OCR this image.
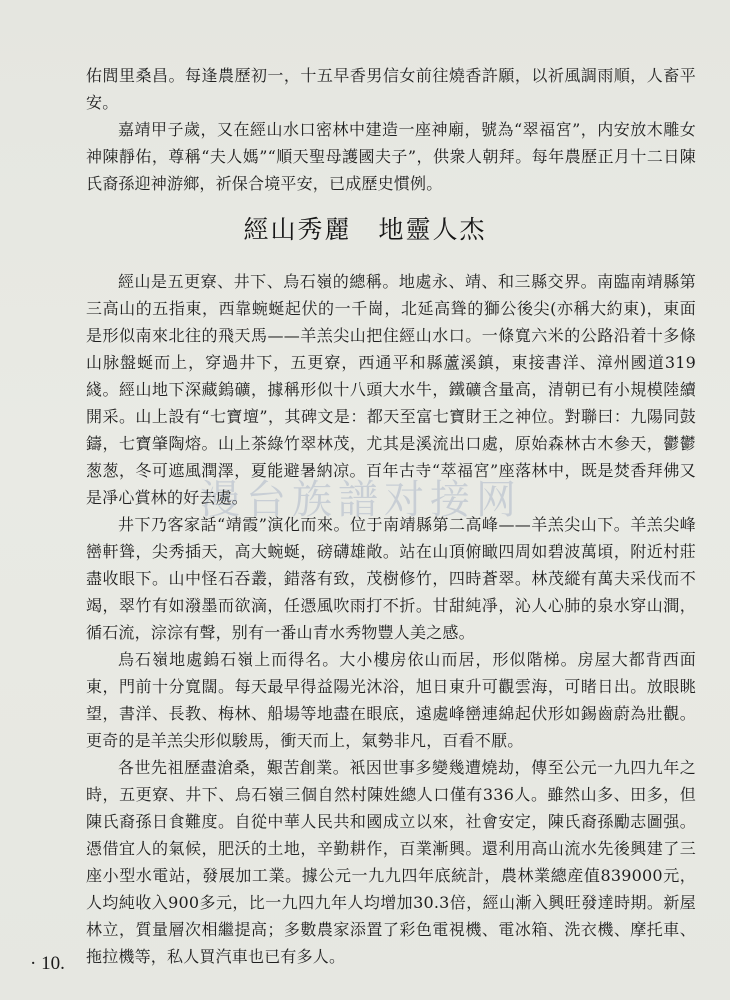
佑閭里桑昌。每逢農歷初一，十五早香男信女前往燒香許願，以祈風調雨順，人畜平安。

嘉靖甲子歲，又在經山水口密林中建造一座神廟，號為“翠福宮”，内安放木雕女神陳靜佑，尊稱“夫人媽”“順天聖母護國夫子”，供衆人朝拜。每年農歷正月十二日陳氏裔孫迎神游鄉，祈保合境平安，已成歷史慣例。

經山秀麗　地靈人杰

經山是五更寮、井下、烏石嶺的總稱。地處永、靖、和三縣交界。南臨南靖縣第三高山的五指東，西靠蜿蜒起伏的一千崗，北延高聳的獅公後尖(亦稱大約東)，東面是形似南來北往的飛天馬——羊羔尖山把住經山水口。一條寬六米的公路沿着十多條山脉盤蜒而上，穿過井下，五更寮，西通平和縣蘆溪鎮，東接書洋、漳州國道319綫。經山地下深藏鎢礦，據稱形似十八頭大水牛，鐵礦含量高，清朝已有小規模陸續開采。山上設有“七寶壇”，其碑文是：都天至富七寶財王之神位。對聯曰：九陽同鼓鑄，七寶肇陶熔。山上茶綠竹翠林茂，尤其是溪流出口處，原始森林古木參天，鬱鬱葱葱，冬可遮風潤澤，夏能避暑納凉。百年古寺“萃福宮”座落林中，既是焚香拜佛又是凈心賞林的好去處。

井下乃客家話“靖霞”演化而來。位于南靖縣第二高峰——羊羔尖山下。羊羔尖峰巒軒聳，尖秀插天，高大蜿蜒，磅礴雄敞。站在山頂俯瞰四周如碧波萬頃，附近村莊盡收眼下。山中怪石吞叢，錯落有致，茂樹修竹，四時蒼翠。林茂縱有萬夫采伐而不竭，翠竹有如潑墨而欲滴，任憑風吹雨打不折。甘甜純凈，沁人心肺的泉水穿山澗，循石流，淙淙有聲，别有一番山青水秀物豐人美之感。

烏石嶺地處鎢石嶺上而得名。大小樓房依山而居，形似階梯。房屋大都背西面東，門前十分寬闊。每天最早得益陽光沐浴，旭日東升可觀雲海，可睹日出。放眼眺望，書洋、長教、梅林、船場等地盡在眼底，遠處峰巒連綿起伏形如錫齒蔚為壯觀。更奇的是羊羔尖形似駿馬，衝天而上，氣勢非凡，百看不厭。

各世先祖歷盡滄桑，艱苦創業。衹因世事多變幾遭燒劫，傳至公元一九四九年之時，五更寮、井下、烏石嶺三個自然村陳姓總人口僅有336人。雖然山多、田多，但陳氏裔孫日食難度。自從中華人民共和國成立以來，社會安定，陳氏裔孫勵志圖强。憑借宜人的氣候，肥沃的土地，辛勤耕作，百業漸興。還利用高山流水先後興建了三座小型水電站，發展加工業。據公元一九九四年底統計，農林業總産值839000元，人均純收入900多元，比一九四九年人均增加30.3倍，經山漸入興旺發達時期。新屋林立，質量層次相繼提高；多數農家添置了彩色電視機、電冰箱、洗衣機、摩托車、拖拉機等，私人買汽車也已有多人。

漫台族譜对接网

· 10.
